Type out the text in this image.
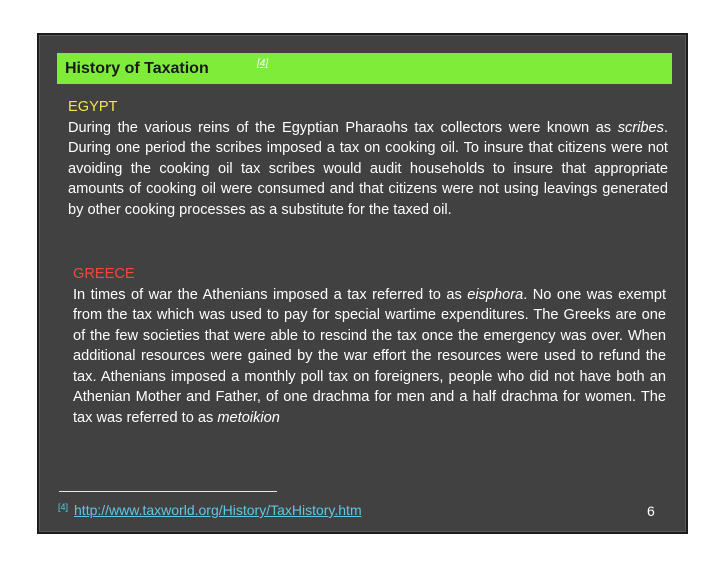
History of Taxation	[4]
EGYPT
During the various reins of the Egyptian Pharaohs tax collectors were known as scribes. During one period the scribes imposed a tax on cooking oil. To insure that citizens were not avoiding the cooking oil tax scribes would audit households to insure that appropriate amounts of cooking oil were consumed and that citizens were not using leavings generated by other cooking processes as a substitute for the taxed oil.
GREECE
In times of war the Athenians imposed a tax referred to as eisphora. No one was exempt from the tax which was used to pay for special wartime expenditures. The Greeks are one of the few societies that were able to rescind the tax once the emergency was over. When additional resources were gained by the war effort the resources were used to refund the tax. Athenians imposed a monthly poll tax on foreigners, people who did not have both an Athenian Mother and Father, of one drachma for men and a half drachma for women. The tax was referred to as metoikion
[4] http://www.taxworld.org/History/TaxHistory.htm	6
